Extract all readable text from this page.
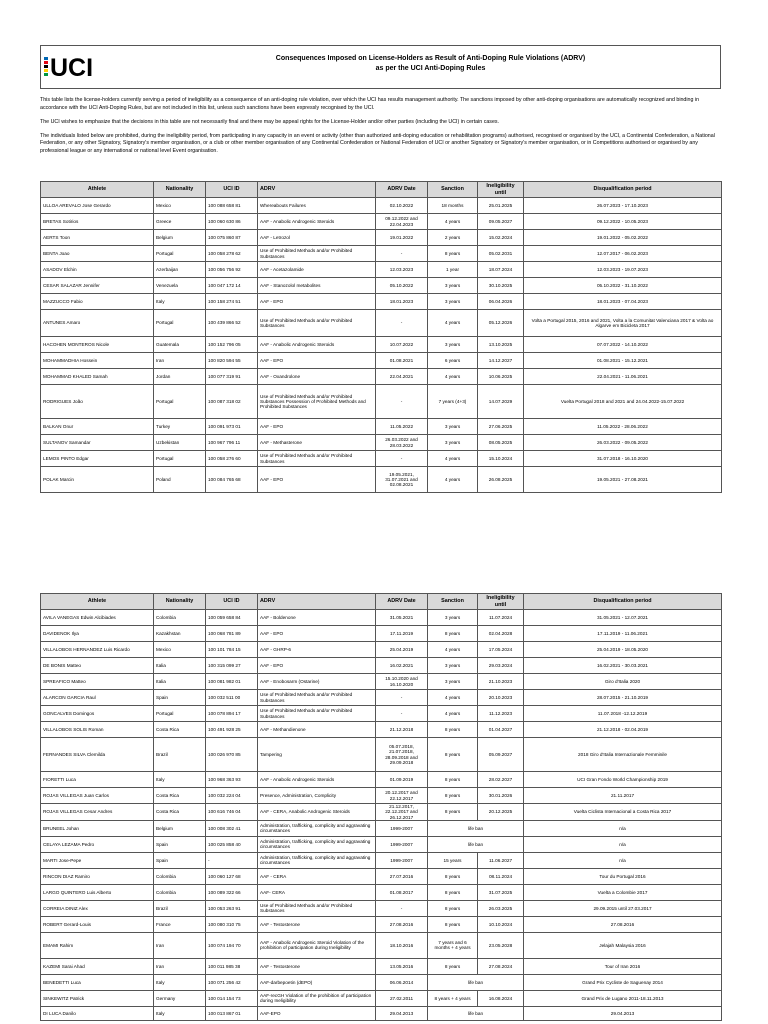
UCI	Consequences Imposed on License-Holders as Result of Anti-Doping Rule Violations (ADRV)
as per the UCI Anti-Doping Rules

This table lists the license-holders currently serving a period of ineligibility as a consequence of an anti-doping rule violation, over which the UCI has results management authority. The sanctions imposed by other anti-doping organisations are automatically recognized and binding in accordance with the UCI Anti-Doping Rules, but are not included in this list, unless such sanctions have been expressly recognised by the UCI.

The UCI wishes to emphasize that the decisions in this table are not necessarily final and there may be appeal rights for the License-Holder and/or other parties (including the UCI) in certain cases.

The individuals listed below are prohibited, during the ineligibility period, from participating in any capacity in an event or activity (other than authorized anti-doping education or rehabilitation programs) authorised, recognised or organised by the UCI, a Continental Confederation, a National Federation, or any other Signatory, Signatory's member organisation, or a club or other member organisation of any Continental Confederation or National Federation of UCI or another Signatory or Signatory's member organisation, or in Competitions authorised or organised by any professional league or any international or national level Event organisation.

Athlete	Nationality	UCI ID	ADRV	ADRV Date	Sanction	Ineligibility until	Disqualification period
ULLOA AREVALO Jose Gerardo	Mexico	100 088 658 81	Whereabouts Failures	02.10.2022	18 months	25.01.2025	26.07.2023 - 17.10.2023
BRETAS Sotirios	Greece	100 060 630 86	AAF - Anabolic Androgenic Steroids	09.12.2022 and 22.04.2023	4 years	09.05.2027	09.12.2022 - 10.05.2023
AERTS Toon	Belgium	100 075 860 87	AAF - Letrozol	19.01.2022	2 years	15.02.2024	19.01.2022 - 05.02.2022
BENTA Joao	Portugal	100 058 278 62	Use of Prohibited Methods and/or Prohibited Substances	-	8 years	05.02.2031	12.07.2017 - 06.02.2023
ASADOV Elchin	Azerbaijan	100 056 756 92	AAF - Acetazolamide	12.03.2023	1 year	18.07.2024	12.03.2023 - 19.07.2023
CESAR SALAZAR Jennifer	Venezuela	100 047 172 14	AAF - Stanozolol metabolites	05.10.2022	3 years	30.10.2025	05.10.2022 - 31.10.2022
MAZZUCCO Fabio	Italy	100 158 274 51	AAF - EPO	18.01.2023	3 years	06.04.2026	18.01.2023 - 07.04.2023
ANTUNES Amaro	Portugal	100 439 866 52	Use of Prohibited Methods and/or Prohibited Substances	-	4 years	05.12.2026	Volta a Portugal 2015, 2016 and 2021, Volta a la Comunitat Valenciana 2017 & Volta ao Algarve em Bicicleta 2017
HACOHEN MONTEROS Nicole	Guatemala	100 152 796 05	AAF - Anabolic Androgenic Steroids	10.07.2022	3 years	13.10.2025	07.07.2022 - 14.10.2022
MOHAMMADHIA Hossein	Iran	100 820 594 55	AAF - EPO	01.08.2021	6 years	14.12.2027	01.08.2021 - 15.12.2021
MOHAMMAD KHALED Samah	Jordan	100 077 319 91	AAF - Oxandrolone	22.04.2021	4 years	10.06.2025	22.04.2021 - 11.06.2021
RODRIGUES João	Portugal	100 087 318 02	Use of Prohibited Methods and/or Prohibited Substances Possession of Prohibited Methods and Prohibited Substances	-	7 years (4+3)	14.07.2029	Vuelta Portugal 2018 and 2021 and 24.04.2022-15.07.2022
BALKAN Onur	Turkey	100 091 973 01	AAF - EPO	11.05.2022	3 years	27.06.2025	11.05.2022 - 28.06.2022
SULTANOV Samandar	Uzbekistan	100 967 796 11	AAF - Methasterone	26.03.2022 and 28.03.2022	3 years	08.05.2025	26.03.2022 - 09.05.2022
LEMOS PINTO Edgar	Portugal	100 058 276 60	Use of Prohibited Methods and/or Prohibited Substances	-	4 years	15.10.2024	31.07.2018 - 16.10.2020
POLAK Marcin	Poland	100 084 765 68	AAF - EPO	19.05.2021, 31.07.2021 and 02.08.2021	4 years	26.08.2025	19.05.2021 - 27.08.2021
Athlete	Nationality	UCI ID	ADRV	ADRV Date	Sanction	Ineligibility until	Disqualification period
AVILA VANEGAS Edwin Alcibiades	Colombia	100 059 658 84	AAF - Boldenone	31.05.2021	3 years	11.07.2024	31.05.2021 - 12.07.2021
DAVIDENOK Ilya	Kazakhstan	100 068 781 89	AAF - EPO	17.11.2019	8 years	02.04.2028	17.11.2019 - 11.06.2021
VILLALOBOS HERNANDEZ Luis Ricardo	Mexico	100 101 784 15	AAF - GHRP-6	25.04.2019	4 years	17.05.2024	25.04.2019 - 18.05.2020
DE BONIS Matteo	Italia	100 315 099 27	AAF - EPO	16.02.2021	3 years	29.03.2024	16.02.2021 - 30.03.2021
SPREAFICO Matteo	Italia	100 081 982 01	AAF - Enobosarm (Ostarine)	15.10.2020 and 16.10.2020	3 years	21.10.2023	Giro d'Italia 2020
ALARCON GARCIA Raul	Spain	100 032 511 00	Use of Prohibited Methods and/or Prohibited Substances	-	4 years	20.10.2023	28.07.2015 - 21.10.2019
GONCALVES Domingos	Portugal	100 078 894 17	Use of Prohibited Methods and/or Prohibited Substances	-	4 years	11.12.2023	11.07.2018 -12.12.2019
VILLALOBOS SOLIS Roman	Costa Rica	100 491 928 25	AAF - Methandienone	21.12.2018	8 years	01.04.2027	21.12.2018 - 02.04.2019
FERNANDES SILVA Clemilda	Brazil	100 026 970 85	Tampering	05.07.2018, 21.07.2018, 28.09.2018 and 29.09.2018	8 years	05.09.2027	2018 Giro d'Italia Internazionale Femminile
FIORETTI Luca	Italy	100 968 363 93	AAF - Anabolic Androgenic Steroids	01.09.2019	8 years	28.02.2027	UCI Gran Fondo World Championship 2019
ROJAS VILLEGAS Juan Carlos	Costa Rica	100 032 224 04	Presence, Administration, Complicity	20.12.2017 and 22.12.2017	8 years	30.01.2026	21.11.2017
ROJAS VILLEGAS Cesar Andres	Costa Rica	100 616 746 04	AAF - CERA, Anabolic Androgenic Steroids	21.12.2017, 22.12.2017 and 26.12.2017	8 years	20.12.2025	Vuelta Ciclista Internacional a Costa Rica 2017
BRUNEEL Johan	Belgium	100 008 302 41	Administration, trafficking, complicity and aggravating circumstances	1999-2007	life ban		n/a
CELAYA LEZAMA Pedro	Spain	100 025 858 40	Administration, trafficking, complicity and aggravating circumstances	1999-2007	life ban		n/a
MARTI Jose-Pepe	Spain	-	Administration, trafficking, complicity and aggravating circumstances	1999-2007	15 years	11.06.2027	n/a
RINCON DIAZ Ramiro	Colombia	100 060 127 68	AAF - CERA	27.07.2016	8 years	08.11.2024	Tour du Portugal 2016
LARGO QUINTERO Luis Alberto	Colombia	100 089 322 66	AAF- CERA	01.08.2017	8 years	31.07.2025	Vuelta a Colombie 2017
CORREIA DINIZ Alex	Brazil	100 053 263 91	Use of Prohibited Methods and/or Prohibited Substances	-	8 years	26.03.2025	29.09.2015 until 27.03.2017
ROBERT Gerard-Louis	France	100 080 310 75	AAF - Testosterone	27.08.2016	8 years	10.10.2024	27.08.2016
EMAMI Rahim	Iran	100 074 194 70	AAF - Anabolic Androgenic Steroid Violation of the prohibition of participation during Ineligibility	18.10.2016	7 years and 6 months + 4 years	23.05.2028	Jelajah Malaysia 2016
KAZEMI Sarai Ahad	Iran	100 011 985 38	AAF - Testosterone	13.05.2016	8 years	27.08.2024	Tour of Iran 2016
BENEDETTI Luca	Italy	100 071 256 42	AAF-darbepoetin (dEPO)	06.06.2014	life ban		Grand Prix Cycliste de Saguenay 2014
SINKEWITZ Patrick	Germany	100 014 154 73	AAF-recGH Violation of the prohibition of participation during Ineligibility	27.02.2011	8 years + 4 years	16.08.2024	Grand Prix de Lugano 2011-18.11.2013
DI LUCA Danilo	Italy	100 013 867 01	AAF-EPO	29.04.2013	life ban		29.04.2013
